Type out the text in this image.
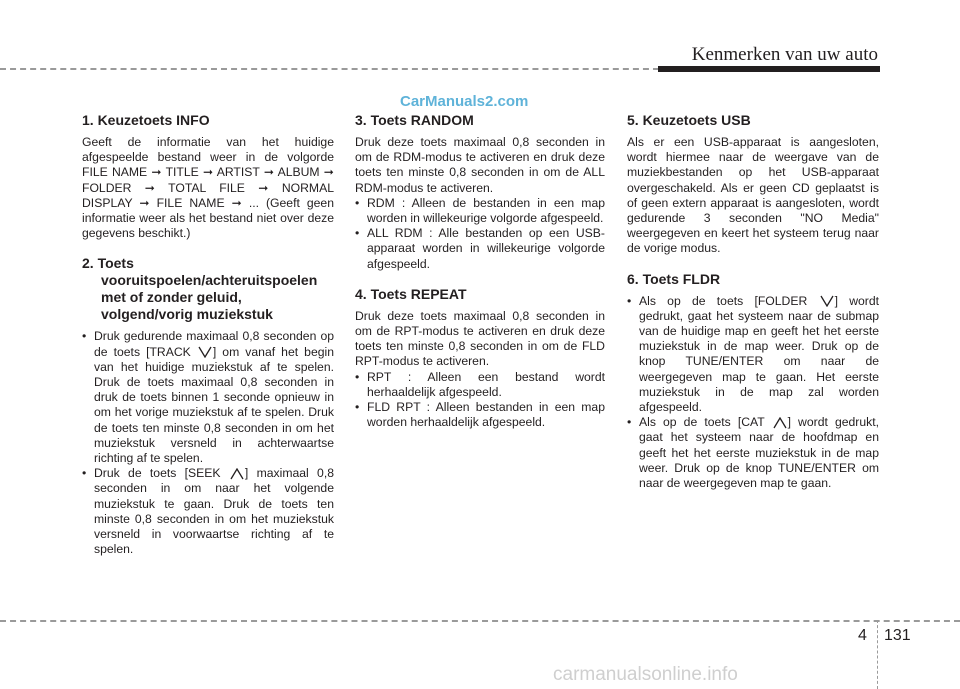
Kenmerken van uw auto
CarManuals2.com
1. Keuzetoets INFO

Geeft de informatie van het huidige afgespeelde bestand weer in de volgorde FILE NAME ➞ TITLE ➞ ARTIST ➞ ALBUM ➞ FOLDER ➞ TOTAL FILE ➞ NORMAL DISPLAY ➞ FILE NAME ➞ ... (Geeft geen informatie weer als het bestand niet over deze gegevens beschikt.)

2. Toets vooruitspoelen/achteruitspoelen met of zonder geluid, volgend/vorig muziekstuk
• Druk gedurende maximaal 0,8 seconden op de toets [TRACK ] om vanaf het begin van het huidige muziekstuk af te spelen. Druk de toets maximaal 0,8 seconden in druk de toets binnen 1 seconde opnieuw in om het vorige muziekstuk af te spelen. Druk de toets ten minste 0,8 seconden in om het muziekstuk versneld in achterwaartse richting af te spelen.
• Druk de toets [SEEK ] maximaal 0,8 seconden in om naar het volgende muziekstuk te gaan. Druk de toets ten minste 0,8 seconden in om het muziekstuk versneld in voorwaartse richting af te spelen.
3. Toets RANDOM

Druk deze toets maximaal 0,8 seconden in om de RDM-modus te activeren en druk deze toets ten minste 0,8 seconden in om de ALL RDM-modus te activeren.

• RDM : Alleen de bestanden in een map worden in willekeurige volgorde afgespeeld.
• ALL RDM : Alle bestanden op een USB-apparaat worden in willekeurige volgorde afgespeeld.
4. Toets REPEAT

Druk deze toets maximaal 0,8 seconden in om de RPT-modus te activeren en druk deze toets ten minste 0,8 seconden in om de FLD RPT-modus te activeren.

• RPT : Alleen een bestand wordt herhaaldelijk afgespeeld.
• FLD RPT : Alleen bestanden in een map worden herhaaldelijk afgespeeld.
5. Keuzetoets USB

Als er een USB-apparaat is aangesloten, wordt hiermee naar de weergave van de muziekbestanden op het USB-apparaat overgeschakeld. Als er geen CD geplaatst is of geen extern apparaat is aangesloten, wordt gedurende 3 seconden "NO Media" weergegeven en keert het systeem terug naar de vorige modus.

6. Toets FLDR
• Als op de toets [FOLDER ] wordt gedrukt, gaat het systeem naar de submap van de huidige map en geeft het het eerste muziekstuk in de map weer. Druk op de knop TUNE/ENTER om naar de weergegeven map te gaan. Het eerste muziekstuk in de map zal worden afgespeeld.
• Als op de toets [CAT ] wordt gedrukt, gaat het systeem naar de hoofdmap en geeft het het eerste muziekstuk in de map weer. Druk op de knop TUNE/ENTER om naar de weergegeven map te gaan.
4 131
carmanualsonline.info
